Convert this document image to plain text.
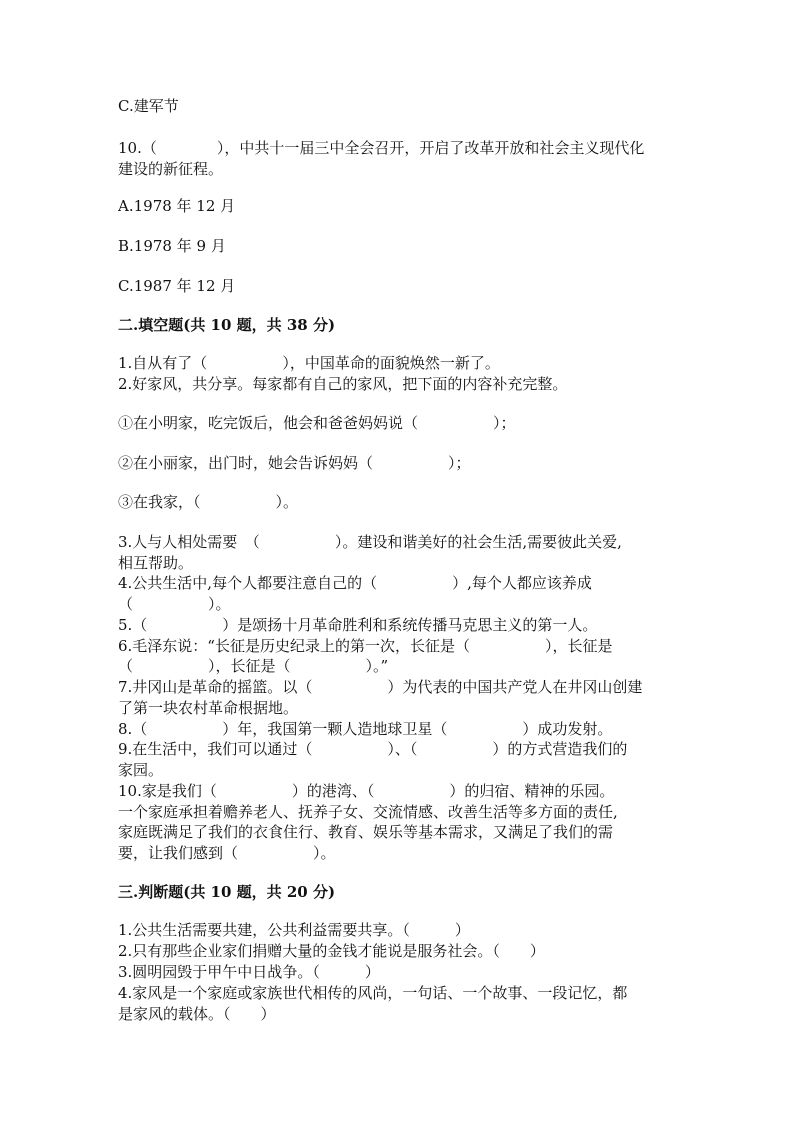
C.建军节
10.（　　　　），中共十一届三中全会召开，开启了改革开放和社会主义现代化
建设的新征程。
A.1978 年 12 月
B.1978 年 9 月
C.1987 年 12 月
二.填空题(共 10 题，共 38 分)
1.自从有了（　　　　　），中国革命的面貌焕然一新了。
2.好家风，共分享。每家都有自己的家风，把下面的内容补充完整。
①在小明家，吃完饭后，他会和爸爸妈妈说（　　　　　）；
②在小丽家，出门时，她会告诉妈妈（　　　　　）；
③在我家，（　　　　　）。
3.人与人相处需要　（　　　　　）。建设和谐美好的社会生活,需要彼此关爱,
相互帮助。
4.公共生活中,每个人都要注意自己的（　　　　　）,每个人都应该养成
（　　　　　）。
5.（　　　　　）是颂扬十月革命胜利和系统传播马克思主义的第一人。
6.毛泽东说：“长征是历史纪录上的第一次，长征是（　　　　　），长征是
（　　　　　），长征是（　　　　　）。”
7.井冈山是革命的摇篮。以（　　　　　）为代表的中国共产党人在井冈山创建
了第一块农村革命根据地。
8.（　　　　　）年，我国第一颗人造地球卫星（　　　　　）成功发射。
9.在生活中，我们可以通过（　　　　　）、（　　　　　）的方式营造我们的
家园。
10.家是我们（　　　　　）的港湾、（　　　　　）的归宿、精神的乐园。
一个家庭承担着赡养老人、抚养子女、交流情感、改善生活等多方面的责任,
家庭既满足了我们的衣食住行、教育、娱乐等基本需求，又满足了我们的需
要，让我们感到（　　　　　）。
三.判断题(共 10 题，共 20 分)
1.公共生活需要共建，公共利益需要共享。（　　　）
2.只有那些企业家们捐赠大量的金钱才能说是服务社会。（　　）
3.圆明园毁于甲午中日战争。（　　　）
4.家风是一个家庭或家族世代相传的风尚，一句话、一个故事、一段记忆，都
是家风的载体。（　　）
